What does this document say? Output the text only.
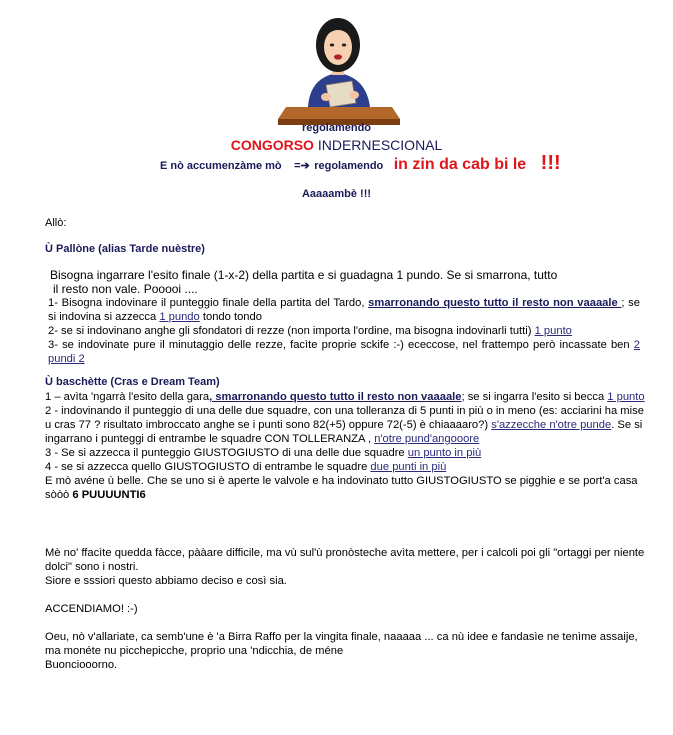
regolamendo
CONGORSO INDERNESCIONAL
E nò accumenzàme mò =➔ regolamendo in zin da cab bi le !!!
Aaaaambè !!!
Allò:
Ù Pallòne (alias Tarde nuèstre)
Bisogna ingarrare l'esito finale (1-x-2) della partita e si guadagna 1 pundo. Se si smarrona, tutto
il resto non vale. Pooooi ....
1- Bisogna indovinare il punteggio finale della partita del Tardo, smarronando questo tutto il resto non vaaaale ; se si indovina si azzecca 1 pundo tondo tondo
2- se si indovinano anghe gli sfondatori di rezze (non importa l'ordine, ma bisogna indovinarli tutti) 1 punto
3- se indovinate pure il minutaggio delle rezze, facìte proprie sckife :-) ececcose, nel frattempo però incassate ben 2 pundi 2
Ù baschètte (Cras e Dream Team)
1 – avìta 'ngarrà l'esito della gara, smarronando questo tutto il resto non vaaaale; se si ingarra l'esito si becca 1 punto
2 - indovinando il punteggio di una delle due squadre, con una tolleranza di 5 punti in più o in meno (es: acciarini ha mise u cras 77 ? risultato imbroccato anghe se i punti sono 82(+5) oppure 72(-5) è chiaaaaro?) s'azzecche n'otre punde. Se si ingarrano i punteggi di entrambe le squadre CON TOLLERANZA , n'otre pund'angooore
3 - Se si azzecca il punteggio GIUSTOGIUSTO di una delle due squadre un punto in più
4 - se si azzecca quello GIUSTOGIUSTO di entrambe le squadre due punti in più
E mò avéne ù belle. Che se uno si è aperte le valvole e ha indovinato tutto GIUSTOGIUSTO se pigghie e se port'a casa sòòò 6 PUUUUNTI6
Mè no' ffacìte quedda fàcce, pààare difficile, ma vù sul'ù pronòsteche avìta mettere, per i calcoli poi gli "ortaggi per niente dolci" sono i nostri.
Siore e sssiori questo abbiamo deciso e così sia.
ACCENDIAMO! :-)
Oeu, nò v'allariate, ca semb'une è 'a Birra Raffo per la vingita finale, naaaaa ... ca nù idee e fandasìe ne tenìme assaije, ma monéte nu picchepicche, proprio una 'ndicchia, de méne
Buonciooorno.
